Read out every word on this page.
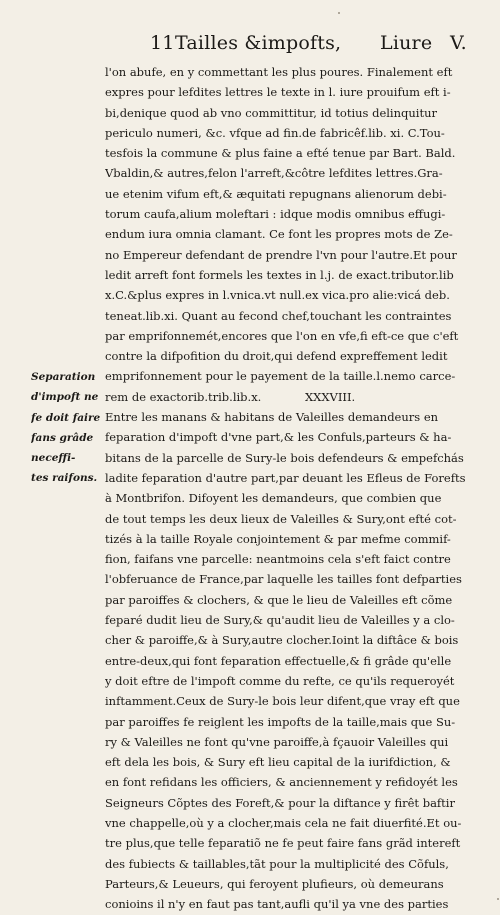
11 Tailles &impofts, Liure V.
l'on abufe, en y commettant les plus poures. Finalement eft
expres pour lefdites lettres le texte in l. iure prouifum eft i-
bi,denique quod ab vno committitur, id totius delinquitur
periculo numeri, &c. vfque ad fin.de fabricêf.lib. xi. C.Tou-
tesfois la commune & plus faine a efté tenue par Bart. Bald.
Vbaldin,& autres,felon l'arreft,&côtre lefdites lettres.Gra-
ue etenim vifum eft,& æquitati repugnans alienorum debi-
torum caufa,alium moleftari : idque modis omnibus effugi-
endum iura omnia clamant. Ce font les propres mots de Ze-
no Empereur defendant de prendre l'vn pour l'autre.Et pour
ledit arreft font formels les textes in l.j. de exact.tributor.lib
x.C.&plus expres in l.vnica.vt null.ex vica.pro alie:vicá deb.
teneat.lib.xi. Quant au fecond chef,touchant les contraintes
par emprifonnemét,encores que l'on en vfe,fi eft-ce que c'eft
contre la difpofition du droit,qui defend expreffement ledit
emprifonnement pour le payement de la taille.l.nemo carce-
rem de exactorib.trib.lib.x.	XXXVIII.
Entre les manans & habitans de Valeilles demandeurs en
feparation d'impoft d'vne part,& les Confuls,parteurs & ha-
bitans de la parcelle de Sury-le bois defendeurs & empefchás
ladite feparation d'autre part,par deuant les Efleus de Forefts
à Montbrifon. Difoyent les demandeurs, que combien que
de tout temps les deux lieux de Valeilles & Sury,ont efté cot-
tizés à la taille Royale conjointement & par mefme commif-
fion, faifans vne parcelle: neantmoins cela s'eft faict contre
l'obferuance de France,par laquelle les tailles font defparties
par paroiffes & clochers, & que le lieu de Valeilles eft cõme
feparé dudit lieu de Sury,& qu'audit lieu de Valeilles y a clo-
cher & paroiffe,& à Sury,autre clocher.Ioint la diftâce & bois
entre-deux,qui font feparation effectuelle,& fi grâde qu'elle
y doit eftre de l'impoft comme du refte, ce qu'ils requeroyét
inftamment.Ceux de Sury-le bois leur difent,que vray eft que
par paroiffes fe reiglent les impofts de la taille,mais que Su-
ry & Valeilles ne font qu'vne paroiffe,à fçauoir Valeilles qui
eft dela les bois, & Sury eft lieu capital de la iurifdiction, &
en font refidans les officiers, & anciennement y refidoyét les
Seigneurs Cõptes des Foreft,& pour la diftance y firêt baftir
vne chappelle,où y a clocher,mais cela ne fait diuerfité.Et ou-
tre plus,que telle feparatiõ ne fe peut faire fans grãd intereft
des fubiects & taillables,tãt pour la multiplicité des Cõfuls,
Parteurs,& Leueurs, qui feroyent plufieurs, où demeurans
conioins il n'y en faut pas tant,aufli qu'il ya vne des parties
Separation
d'impoft ne
fe doit faire
fans grâde
neceffi-
tes raifons.
